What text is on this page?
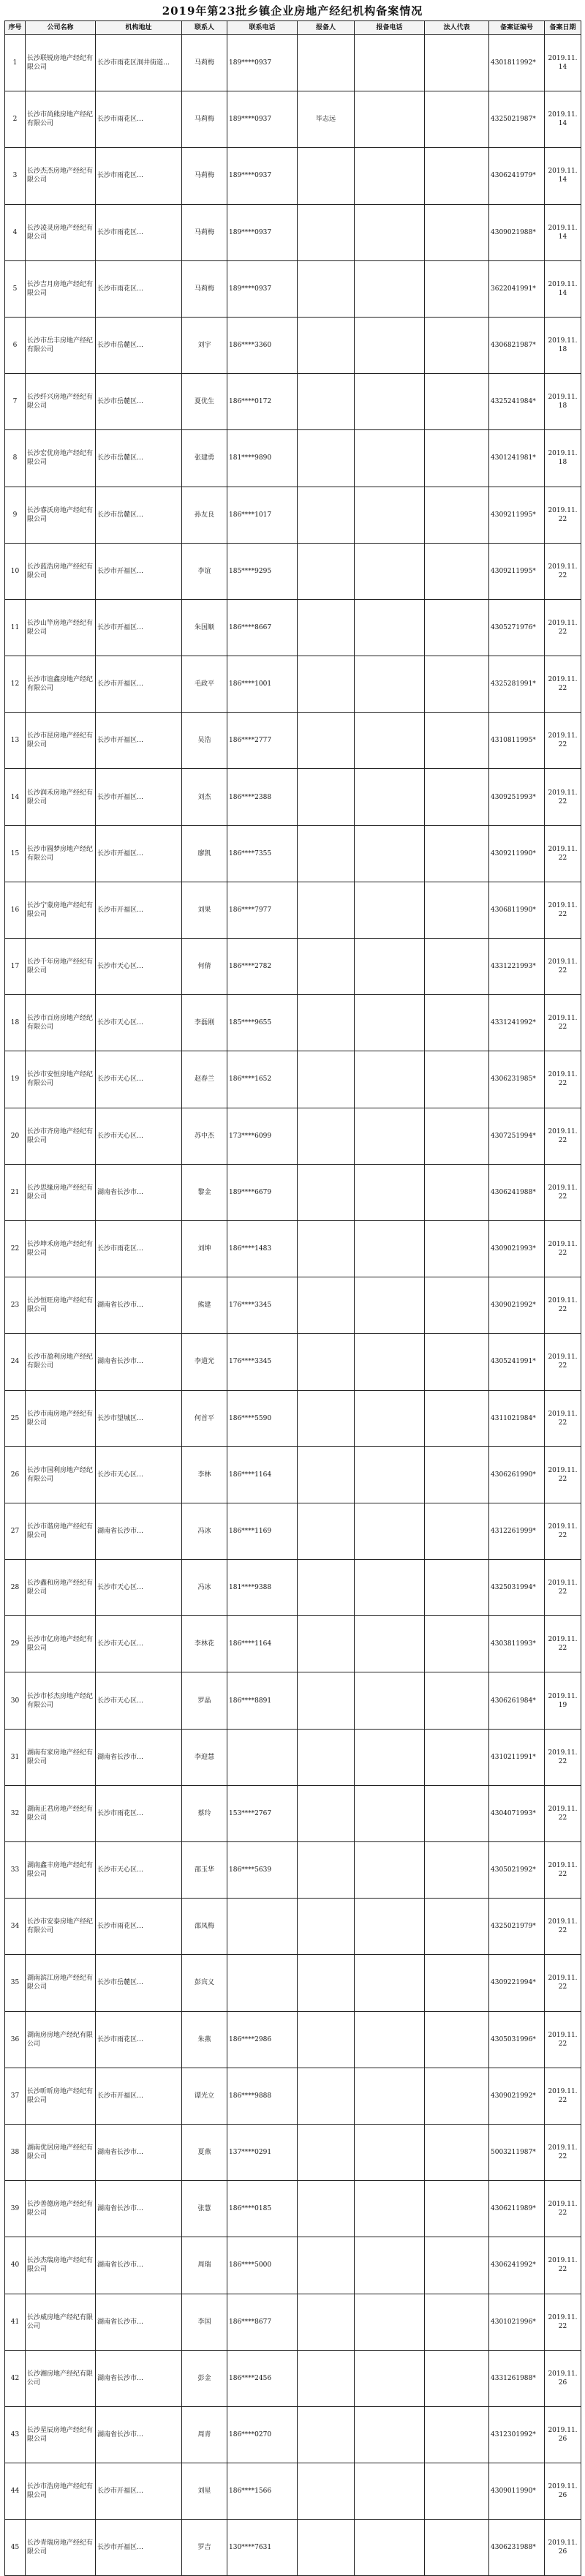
2019年第23批乡镇企业房地产经纪机构备案情况
序号	公司名称	机构地址	联系人	联系电话	报备人	报备电话	法人代表	备案证编号	备案日期
1	长沙联锐房地产经纪有限公司	长沙市雨花区洞井街道…	马莉梅	189****0937				4301811992*	2019.11.14
2	长沙市尚熊房地产经纪有限公司	长沙市雨花区…	马莉梅	189****0937	毕志远			4325021987*	2019.11.14
3	长沙杰杰房地产经纪有限公司	长沙市雨花区…	马莉梅	189****0937				4306241979*	2019.11.14
4	长沙凌灵房地产经纪有限公司	长沙市雨花区…	马莉梅	189****0937				4309021988*	2019.11.14
5	长沙吉月房地产经纪有限公司	长沙市雨花区…	马莉梅	189****0937				3622041991*	2019.11.14
6	长沙市岳丰房地产经纪有限公司	长沙市岳麓区…	刘宇	186****3360				4306821987*	2019.11.18
7	长沙纤兴房地产经纪有限公司	长沙市岳麓区…	夏优生	186****0172				4325241984*	2019.11.18
8	长沙宏优房地产经纪有限公司	长沙市岳麓区…	张建勇	181****9890				4301241981*	2019.11.18
9	长沙睿沃房地产经纪有限公司	长沙市岳麓区…	孙友良	186****1017				4309211995*	2019.11.22
10	长沙蓝浩房地产经纪有限公司	长沙市开福区…	李谊	185****9295				4309211995*	2019.11.22
11	长沙山竿房地产经纪有限公司	长沙市开福区…	朱国顺	186****8667				4305271976*	2019.11.22
12	长沙市谊鑫房地产经纪有限公司	长沙市开福区…	毛政平	186****1001				4325281991*	2019.11.22
13	长沙市昆房地产经纪有限公司	长沙市开福区…	吴浩	186****2777				4310811995*	2019.11.22
14	长沙润禾房地产经纪有限公司	长沙市开福区…	刘杰	186****2388				4309251993*	2019.11.22
15	长沙市圆梦房地产经纪有限公司	长沙市开福区…	廖凯	186****7355				4309211990*	2019.11.22
16	长沙宁蒙房地产经纪有限公司	长沙市开福区…	刘果	186****7977				4306811990*	2019.11.22
17	长沙千年房地产经纪有限公司	长沙市天心区…	何倩	186****2782				4331221993*	2019.11.22
18	长沙市百房房地产经纪有限公司	长沙市天心区…	李磊刚	185****9655				4331241992*	2019.11.22
19	长沙市安恒房地产经纪有限公司	长沙市天心区…	赵春兰	186****1652				4306231985*	2019.11.22
20	长沙市齐房地产经纪有限公司	长沙市天心区…	苏中杰	173****6099				4307251994*	2019.11.22
21	长沙思缘房地产经纪有限公司	湖南省长沙市…	黎金	189****6679				4306241988*	2019.11.22
22	长沙坤禾房地产经纪有限公司	长沙市雨花区…	刘坤	186****1483				4309021993*	2019.11.22
23	长沙恒旺房地产经纪有限公司	湖南省长沙市…	熊建	176****3345				4309021992*	2019.11.22
24	长沙市盈利房地产经纪有限公司	湖南省长沙市…	李道光	176****3345				4305241991*	2019.11.22
25	长沙市南房地产经纪有限公司	长沙市望城区…	何首平	186****5590				4311021984*	2019.11.22
26	长沙市国利房地产经纪有限公司	长沙市天心区…	李林	186****1164				4306261990*	2019.11.22
27	长沙市谐房地产经纪有限公司	湖南省长沙市…	冯冰	186****1169				4312261999*	2019.11.22
28	长沙鑫和房地产经纪有限公司	长沙市天心区…	冯冰	181****9388				4325031994*	2019.11.22
29	长沙市亿房地产经纪有限公司	长沙市天心区…	李林花	186****1164				4303811993*	2019.11.22
30	长沙市杉杰房地产经纪有限公司	长沙市天心区…	罗晶	186****8891				4306261984*	2019.11.19
31	湖南有家房地产经纪有限公司	湖南省长沙市…	李迎慧					4310211991*	2019.11.22
32	湖南正君房地产经纪有限公司	长沙市雨花区…	蔡玲	153****2767				4304071993*	2019.11.22
33	湖南鑫丰房地产经纪有限公司	长沙市天心区…	邵玉华	186****5639				4305021992*	2019.11.22
34	长沙市安泰房地产经纪有限公司	长沙市雨花区…	邵凤梅					4325021979*	2019.11.22
35	湖南滨江房地产经纪有限公司	长沙市岳麓区…	彭宾义					4309221994*	2019.11.22
36	湖南房房地产经纪有限公司	长沙市雨花区…	朱燕	186****2986				4305031996*	2019.11.22
37	长沙昕昕房地产经纪有限公司	长沙市开福区…	谭光立	186****9888				4309021992*	2019.11.22
38	湖南优居房地产经纪有限公司	湖南省长沙市…	夏燕	137****0291				5003211987*	2019.11.22
39	长沙善德房地产经纪有限公司	湖南省长沙市…	张慧	186****0185				4306211989*	2019.11.22
40	长沙杰瑞房地产经纪有限公司	湖南省长沙市…	周瑞	186****5000				4306241992*	2019.11.22
41	长沙威房地产经纪有限公司	湖南省长沙市…	李国	186****8677				4301021996*	2019.11.22
42	长沙湘房地产经纪有限公司	湖南省长沙市…	彭金	186****2456				4331261988*	2019.11.26
43	长沙星辰房地产经纪有限公司	湖南省长沙市…	周青	186****0270				4312301992*	2019.11.26
44	长沙市浩房地产经纪有限公司	长沙市开福区…	刘星	186****1566				4309011990*	2019.11.26
45	长沙青瑞房地产经纪有限公司	长沙市开福区…	罗吉	130****7631				4306231988*	2019.11.26
